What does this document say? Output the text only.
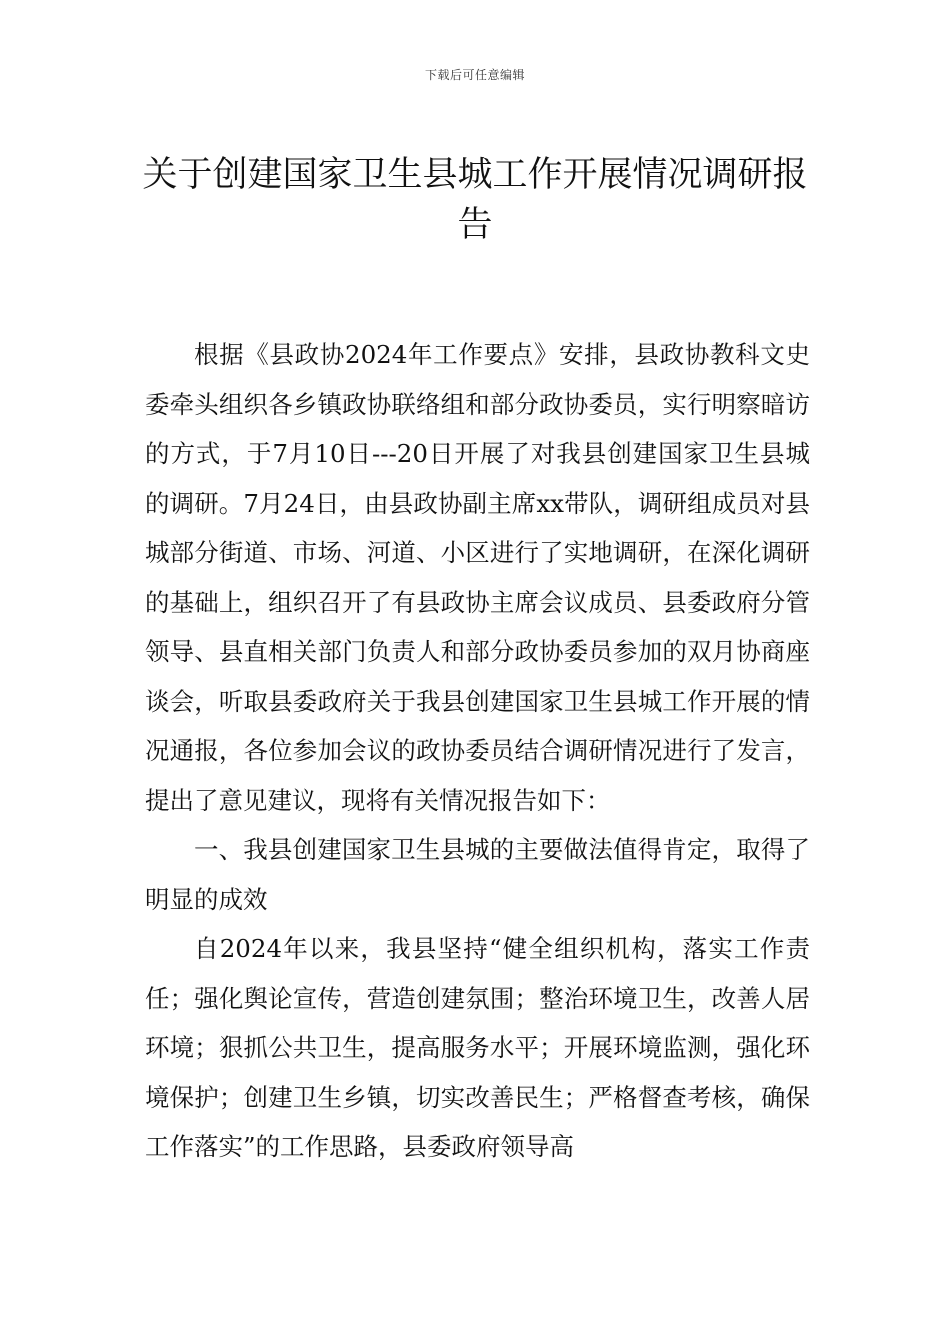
下载后可任意编辑
关于创建国家卫生县城工作开展情况调研报告

根据《县政协2024年工作要点》安排，县政协教科文史委牵头组织各乡镇政协联络组和部分政协委员，实行明察暗访的方式，于7月10日---20日开展了对我县创建国家卫生县城的调研。7月24日，由县政协副主席xx带队，调研组成员对县城部分街道、市场、河道、小区进行了实地调研，在深化调研的基础上，组织召开了有县政协主席会议成员、县委政府分管领导、县直相关部门负责人和部分政协委员参加的双月协商座谈会，听取县委政府关于我县创建国家卫生县城工作开展的情况通报，各位参加会议的政协委员结合调研情况进行了发言，提出了意见建议，现将有关情况报告如下：

一、我县创建国家卫生县城的主要做法值得肯定，取得了明显的成效

自2024年以来，我县坚持“健全组织机构，落实工作责任；强化舆论宣传，营造创建氛围；整治环境卫生，改善人居环境；狠抓公共卫生，提高服务水平；开展环境监测，强化环境保护；创建卫生乡镇，切实改善民生；严格督查考核，确保工作落实”的工作思路，县委政府领导高
